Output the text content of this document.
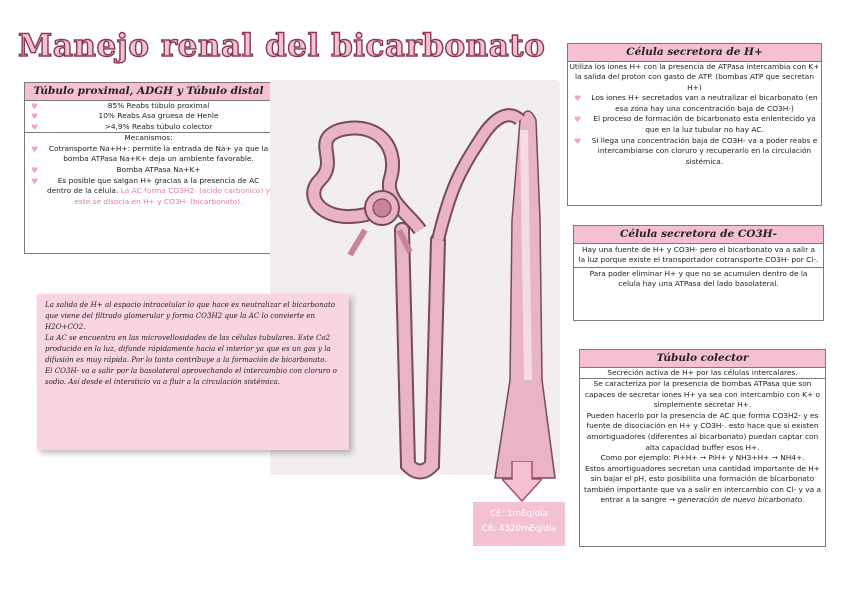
Manejo renal del bicarbonato
Túbulo proximal, ADGH y Túbulo distal
♥	85% Reabs túbulo proximal
♥	10% Reabs Asa gruesa de Henle
♥	>4,9% Reabs túbulo colector
Mecanismos:
♥ Cotransporte Na+H+: permite la entrada de Na+ ya que la bomba ATPasa Na+K+ deja un ambiente favorable.
♥	Bomba ATPasa Na+K+
♥	Es posible que salgan H+ gracias a la presencia de AC dentro de la célula. La AC forma CO3H2- (acido carbonico) y este se disocia en H+ y CO3H- (bicarbonato).

La salida de H+ al espacio intracelular lo que hace es neutralizar el bicarbonato que viene del filtrado glomerular y forma CO3H2 que la AC lo convierte en H2O+CO2.

La AC se encuentra en las microvellosidades de las células tubulares. Este Co2 producido en la luz, difunde rápidamente hacia el interior ya que es un gas y la difusión es muy rápida. Por lo tanto contribuye a la formación de bicarbonato.

El CO3H- va a salir por la basolateral aprovechando el intercambio con cloruro o sodio. Así desde el intersticio va a fluir a la circulación sistémica.

CE: 1mEq/día
CR: 4320mEq/día
Célula secretora de H+
Utiliza los iones H+ con la presencia de ATPasa intercambia con K+ la salida del proton con gasto de ATP. (bombas ATP que secretan H+)
♥ Los iones H+ secretados van a neutralizar el bicarbonato (en esa zona hay una concentración baja de CO3H-)
♥ El proceso de formación de bicarbonato esta enlentecido ya que en la luz tubular no hay AC.
♥ Si llega una concentración baja de CO3H- va a poder reabs e intercambiarse con cloruro y recuperarlo en la circulación sistémica.
Célula secretora de CO3H-
Hay una fuente de H+ y CO3H- pero el bicarbonato va a salir a la luz porque existe el transportador cotransporte CO3H- por Cl-.
Para poder eliminar H+ y que no se acumulen dentro de la celula hay una ATPasa del lado basolateral.
Túbulo colector
Secreción activa de H+ por las células intercalares.
Se caracteriza por la presencia de bombas ATPasa que son capaces de secretar iones H+ ya sea con intercambio con K+ o simplemente secretar H+.
Pueden hacerlo por la presencia de AC que forma CO3H2- y es fuente de disociación en H+ y CO3H-. esto hace que si existen amortiguadores (diferentes al bicarbonato) puedan captar con alta capacidad buffer esos H+.
Como por ejemplo: Pi+H+ → PiH+ y NH3+H+ → NH4+.
Estos amortiguadores secretan una cantidad importante de H+ sin bajar el pH, esto posibilita una formación de bicarbonato también importante que va a salir en intercambio con Cl- y va a entrar a la sangre → generación de nuevo bicarbonato.
